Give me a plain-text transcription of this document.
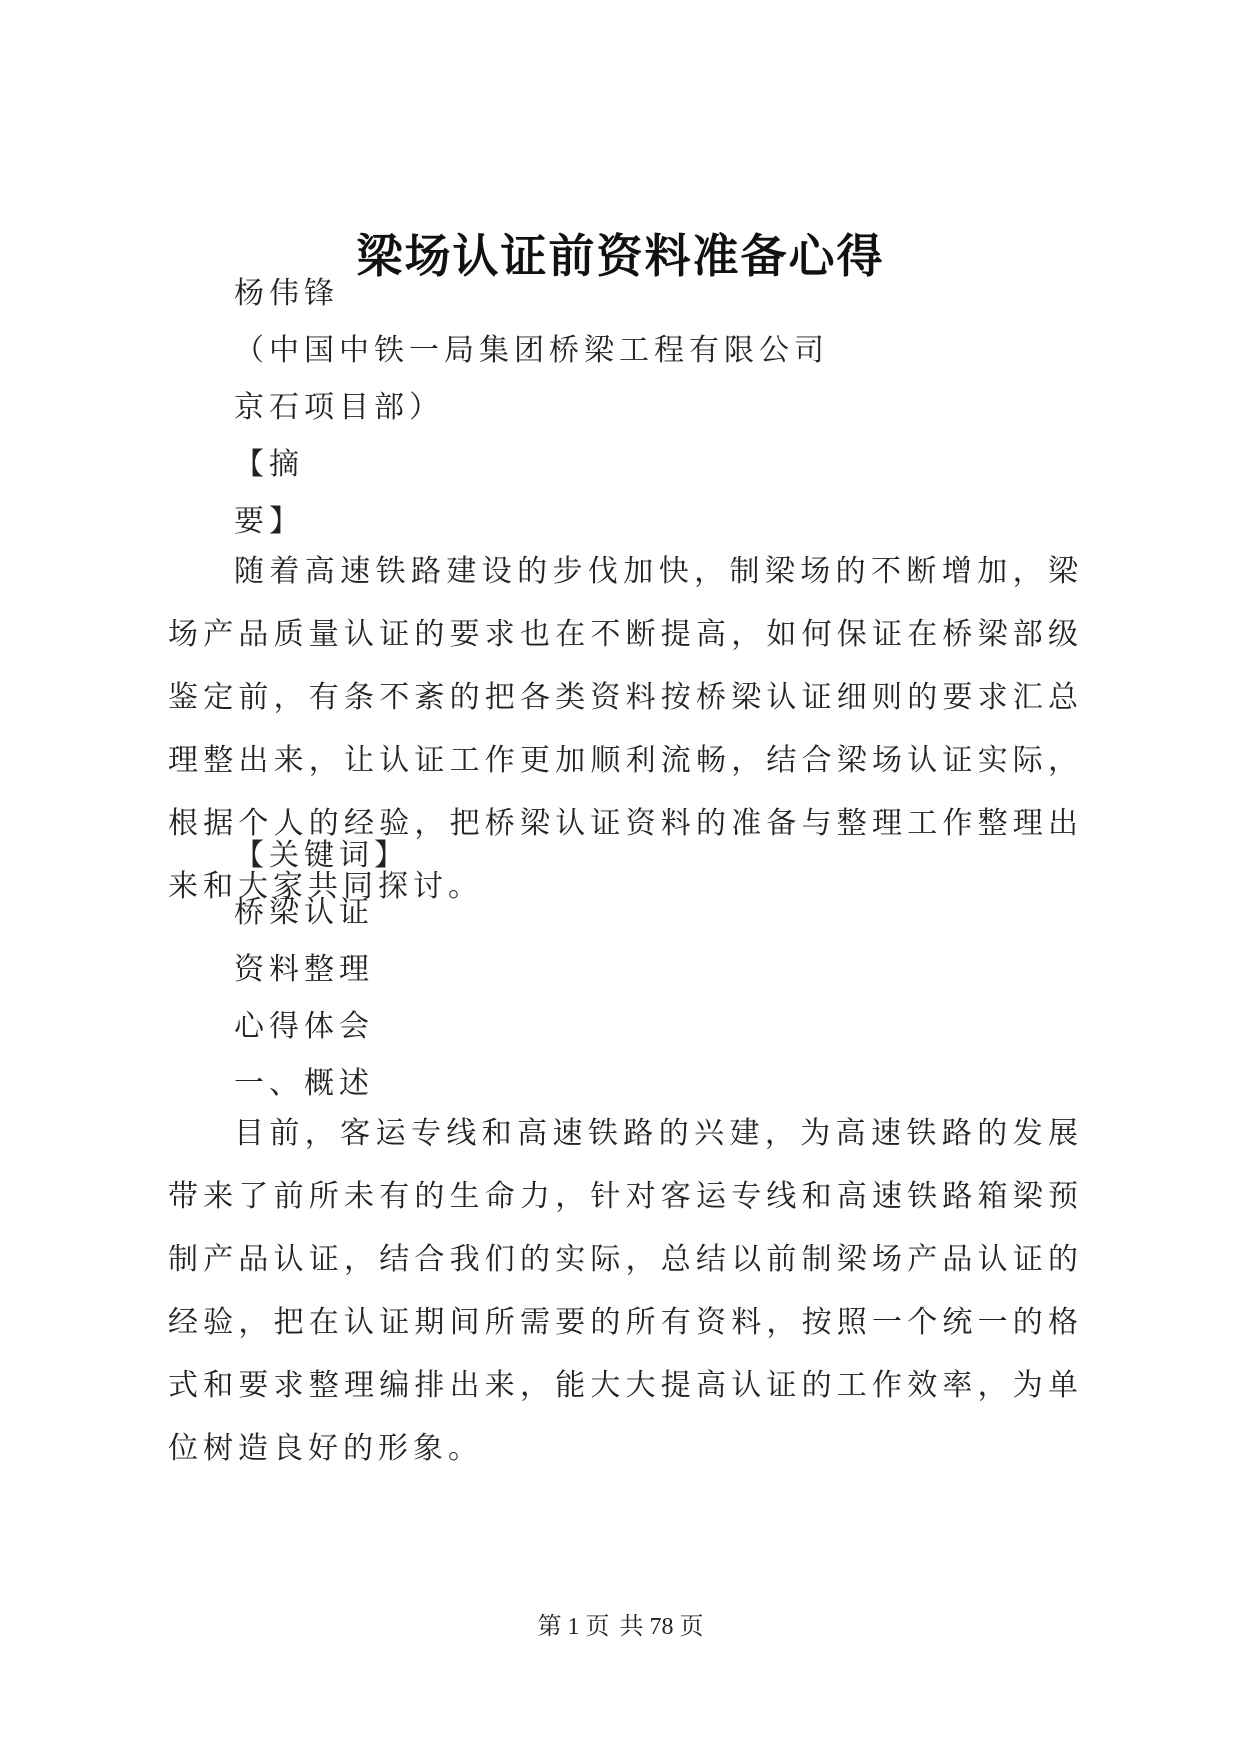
梁场认证前资料准备心得
杨伟锋
（中国中铁一局集团桥梁工程有限公司
京石项目部）
【摘
要】
随着高速铁路建设的步伐加快，制梁场的不断增加，梁场产品质量认证的要求也在不断提高，如何保证在桥梁部级鉴定前，有条不紊的把各类资料按桥梁认证细则的要求汇总理整出来，让认证工作更加顺利流畅，结合梁场认证实际，根据个人的经验，把桥梁认证资料的准备与整理工作整理出来和大家共同探讨。
【关键词】
桥梁认证
资料整理
心得体会
一、概述
目前，客运专线和高速铁路的兴建，为高速铁路的发展带来了前所未有的生命力，针对客运专线和高速铁路箱梁预制产品认证，结合我们的实际，总结以前制梁场产品认证的经验，把在认证期间所需要的所有资料，按照一个统一的格式和要求整理编排出来，能大大提高认证的工作效率，为单位树造良好的形象。
第 1 页 共 78 页
